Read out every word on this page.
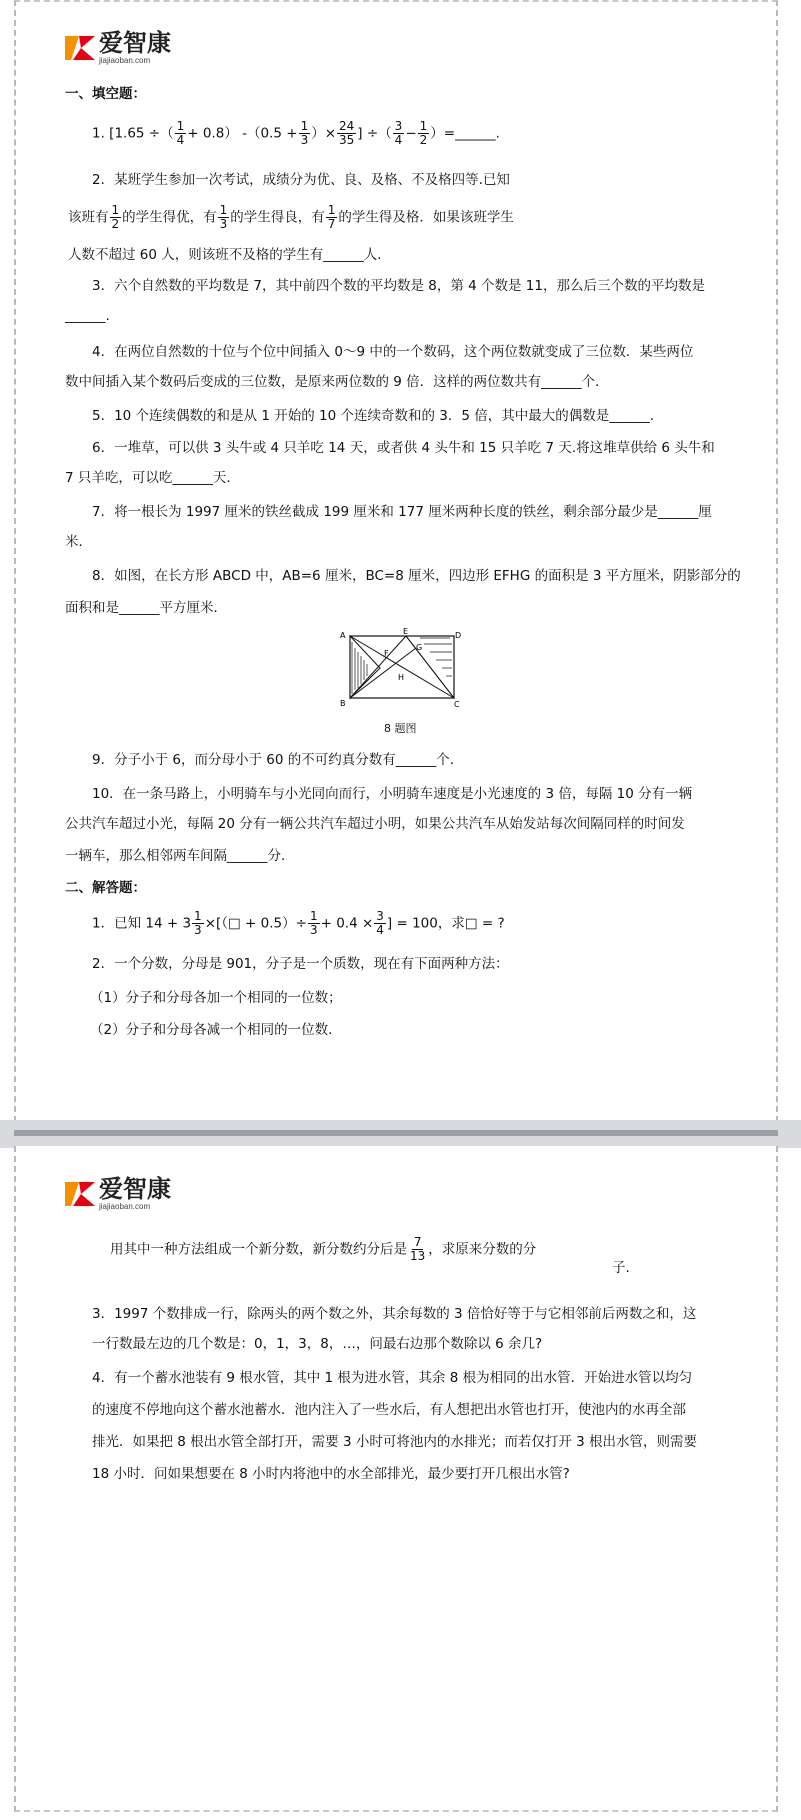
爱智康
jiajiaoban.com
一、填空题：
1. [1.65 ÷（ $\frac{1}{4} + 0.8$） $-(0.5 + \frac{1}{3}$ ）× $\frac{24}{35}$ ] ÷（ $\frac{3}{4} - \frac{1}{2}$ ）=______.
2．某班学生参加一次考试，成绩分为优、良、及格、不及格四等.已知
该班有 $\frac{1}{2}$ 的学生得优，有 $\frac{1}{3}$ 的学生得良，有 $\frac{1}{7}$ 的学生得及格．如果该班学生
人数不超过 60 人，则该班不及格的学生有______人．
3．六个自然数的平均数是 7，其中前四个数的平均数是 8，第 4 个数是 11，那么后三个数的平均数是
______.
4．在两位自然数的十位与个位中间插入 0～9 中的一个数码，这个两位数就变成了三位数．某些两位
数中间插入某个数码后变成的三位数，是原来两位数的 9 倍．这样的两位数共有______个．
5．10 个连续偶数的和是从 1 开始的 10 个连续奇数和的 3．5 倍，其中最大的偶数是______.
6．一堆草，可以供 3 头牛或 4 只羊吃 14 天，或者供 4 头牛和 15 只羊吃 7 天.将这堆草供给 6 头牛和
7 只羊吃，可以吃______天．
7．将一根长为 1997 厘米的铁丝截成 199 厘米和 177 厘米两种长度的铁丝，剩余部分最少是______厘
米．
8．如图，在长方形 ABCD 中，AB=6 厘米，BC=8 厘米，四边形 EFHG 的面积是 3 平方厘米，阴影部分的
面积和是______平方厘米．
A
B	C
D
E
F
G
H
8 题图
9．分子小于 6，而分母小于 60 的不可约真分数有______个．
10．在一条马路上，小明骑车与小光同向而行，小明骑车速度是小光速度的 3 倍，每隔 10 分有一辆
公共汽车超过小光，每隔 20 分有一辆公共汽车超过小明，如果公共汽车从始发站每次间隔同样的时间发
一辆车，那么相邻两车间隔______分．
二、解答题：
1．已知 $14 + 3 \frac{1}{3}$ ×[（□ + $0.5)\div \frac{1}{3} + 0.4 \times \frac{3}{4}$ ] = 100，求□ = ?
2．一个分数，分母是 901，分子是一个质数，现在有下面两种方法：
（1）分子和分母各加一个相同的一位数；
（2）分子和分母各减一个相同的一位数．
爱智康
jiajiaoban.com
用其中一种方法组成一个新分数，新分数约分后是 $\frac{7}{13}$ ，求原来分数的分
子.
3．1997 个数排成一行，除两头的两个数之外，其余每数的 3 倍恰好等于与它相邻前后两数之和，这
一行数最左边的几个数是：0，1，3，8，…，问最右边那个数除以 6 余几?
4．有一个蓄水池装有 9 根水管，其中 1 根为进水管，其余 8 根为相同的出水管．开始进水管以均匀
的速度不停地向这个蓄水池蓄水．池内注入了一些水后，有人想把出水管也打开，使池内的水再全部
排光．如果把 8 根出水管全部打开，需要 3 小时可将池内的水排光；而若仅打开 3 根出水管，则需要
18 小时．问如果想要在 8 小时内将池中的水全部排光，最少要打开几根出水管?
